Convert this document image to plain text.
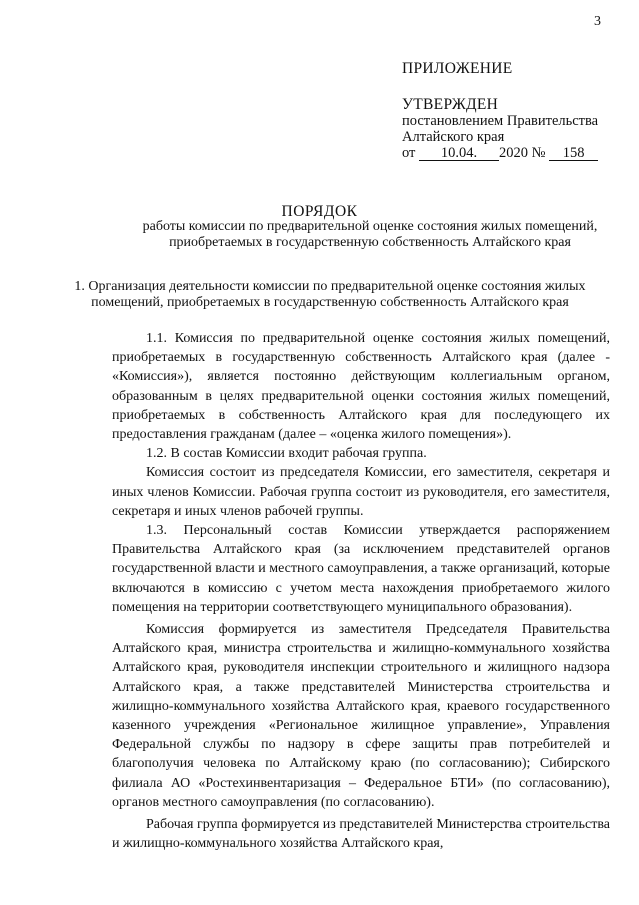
3
ПРИЛОЖЕНИЕ
УТВЕРЖДЕН
постановлением Правительства
Алтайского края
от 10.04. 2020 № 158
ПОРЯДОК
работы комиссии по предварительной оценке состояния жилых помещений, приобретаемых в государственную собственность Алтайского края
1. Организация деятельности комиссии по предварительной оценке состояния жилых помещений, приобретаемых в государственную собственность Алтайского края

1.1. Комиссия по предварительной оценке состояния жилых помещений, приобретаемых в государственную собственность Алтайского края (далее - «Комиссия»), является постоянно действующим коллегиальным органом, образованным в целях предварительной оценки состояния жилых помещений, приобретаемых в собственность Алтайского края для последующего их предоставления гражданам (далее – «оценка жилого помещения»).

1.2. В состав Комиссии входит рабочая группа.

Комиссия состоит из председателя Комиссии, его заместителя, секретаря и иных членов Комиссии. Рабочая группа состоит из руководителя, его заместителя, секретаря и иных членов рабочей группы.

1.3. Персональный состав Комиссии утверждается распоряжением Правительства Алтайского края (за исключением представителей органов государственной власти и местного самоуправления, а также организаций, которые включаются в комиссию с учетом места нахождения приобретаемого жилого помещения на территории соответствующего муниципального образования).

Комиссия формируется из заместителя Председателя Правительства Алтайского края, министра строительства и жилищно-коммунального хозяйства Алтайского края, руководителя инспекции строительного и жилищного надзора Алтайского края, а также представителей Министерства строительства и жилищно-коммунального хозяйства Алтайского края, краевого государственного казенного учреждения «Региональное жилищное управление», Управления Федеральной службы по надзору в сфере защиты прав потребителей и благополучия человека по Алтайскому краю (по согласованию); Сибирского филиала АО «Ростехинвентаризация – Федеральное БТИ» (по согласованию), органов местного самоуправления (по согласованию).

Рабочая группа формируется из представителей Министерства строительства и жилищно-коммунального хозяйства Алтайского края,
